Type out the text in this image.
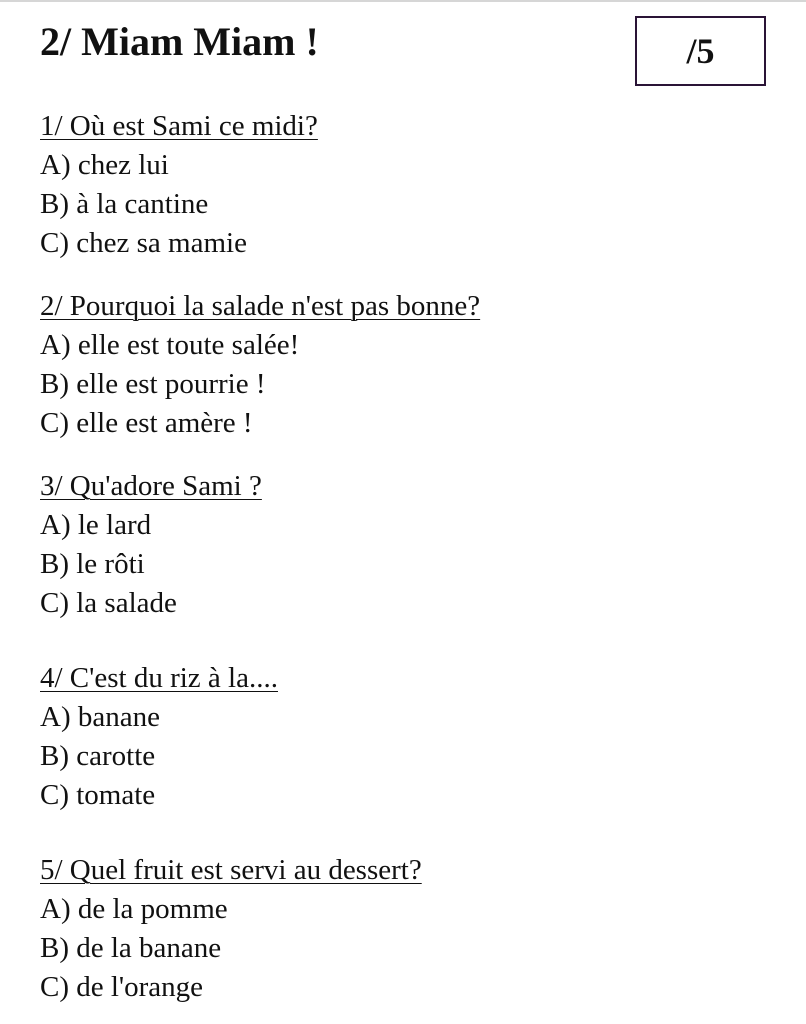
2/ Miam Miam !	/5
1/ Où est Sami ce midi?
A) chez lui
B) à la cantine
C) chez sa mamie
2/ Pourquoi la salade n'est pas bonne?
A) elle est toute salée!
B) elle est pourrie !
C) elle est amère !
3/ Qu'adore Sami ?
A) le lard
B) le rôti
C) la salade
4/ C'est du riz à la....
A) banane
B) carotte
C) tomate
5/ Quel fruit est servi au dessert?
A) de la pomme
B) de la banane
C) de l'orange
